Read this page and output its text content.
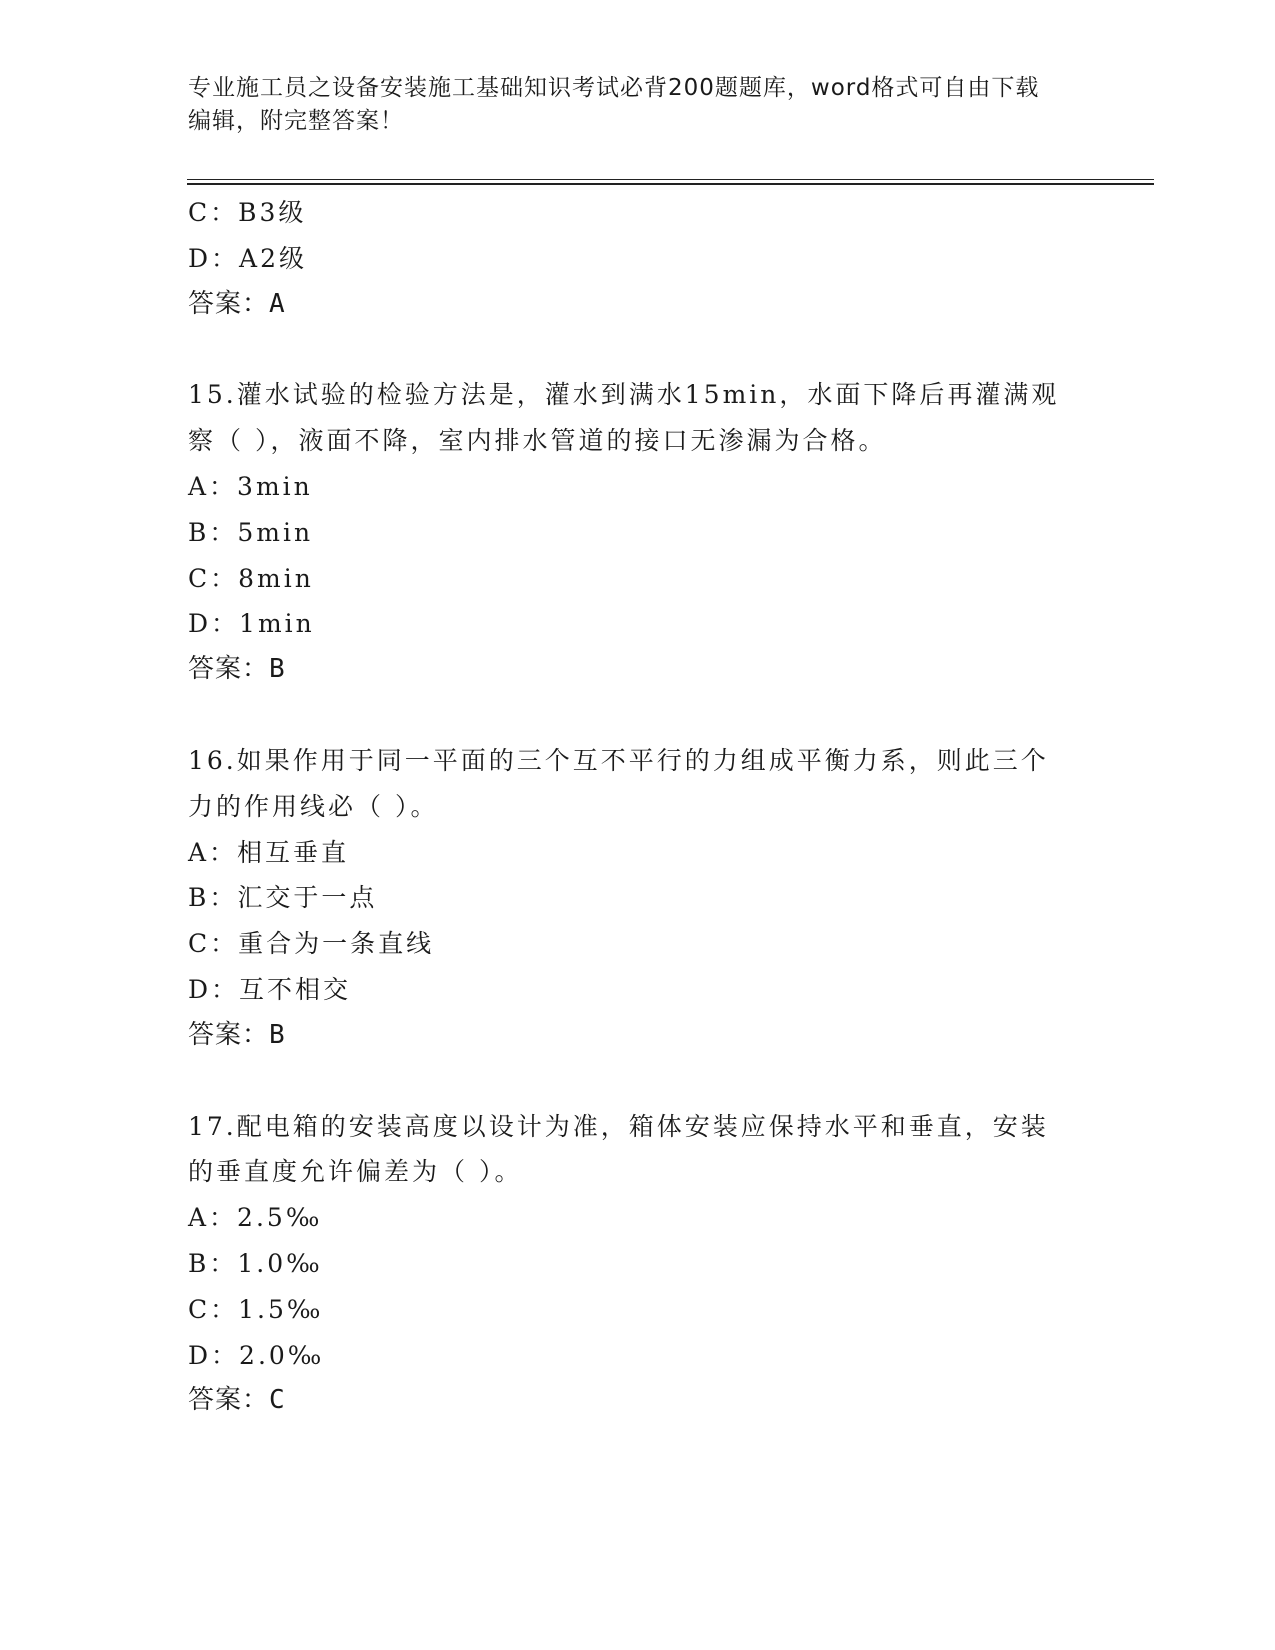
专业施工员之设备安装施工基础知识考试必背200题题库，word格式可自由下载
编辑，附完整答案！
C：B3级
D：A2级
答案：A
15.灌水试验的检验方法是，灌水到满水15min，水面下降后再灌满观
察（ ），液面不降，室内排水管道的接口无渗漏为合格。
A：3min
B：5min
C：8min
D：1min
答案：B
16.如果作用于同一平面的三个互不平行的力组成平衡力系，则此三个
力的作用线必（ ）。
A：相互垂直
B：汇交于一点
C：重合为一条直线
D：互不相交
答案：B
17.配电箱的安装高度以设计为准，箱体安装应保持水平和垂直，安装
的垂直度允许偏差为（ ）。
A：2.5‰
B：1.0‰
C：1.5‰
D：2.0‰
答案：C
